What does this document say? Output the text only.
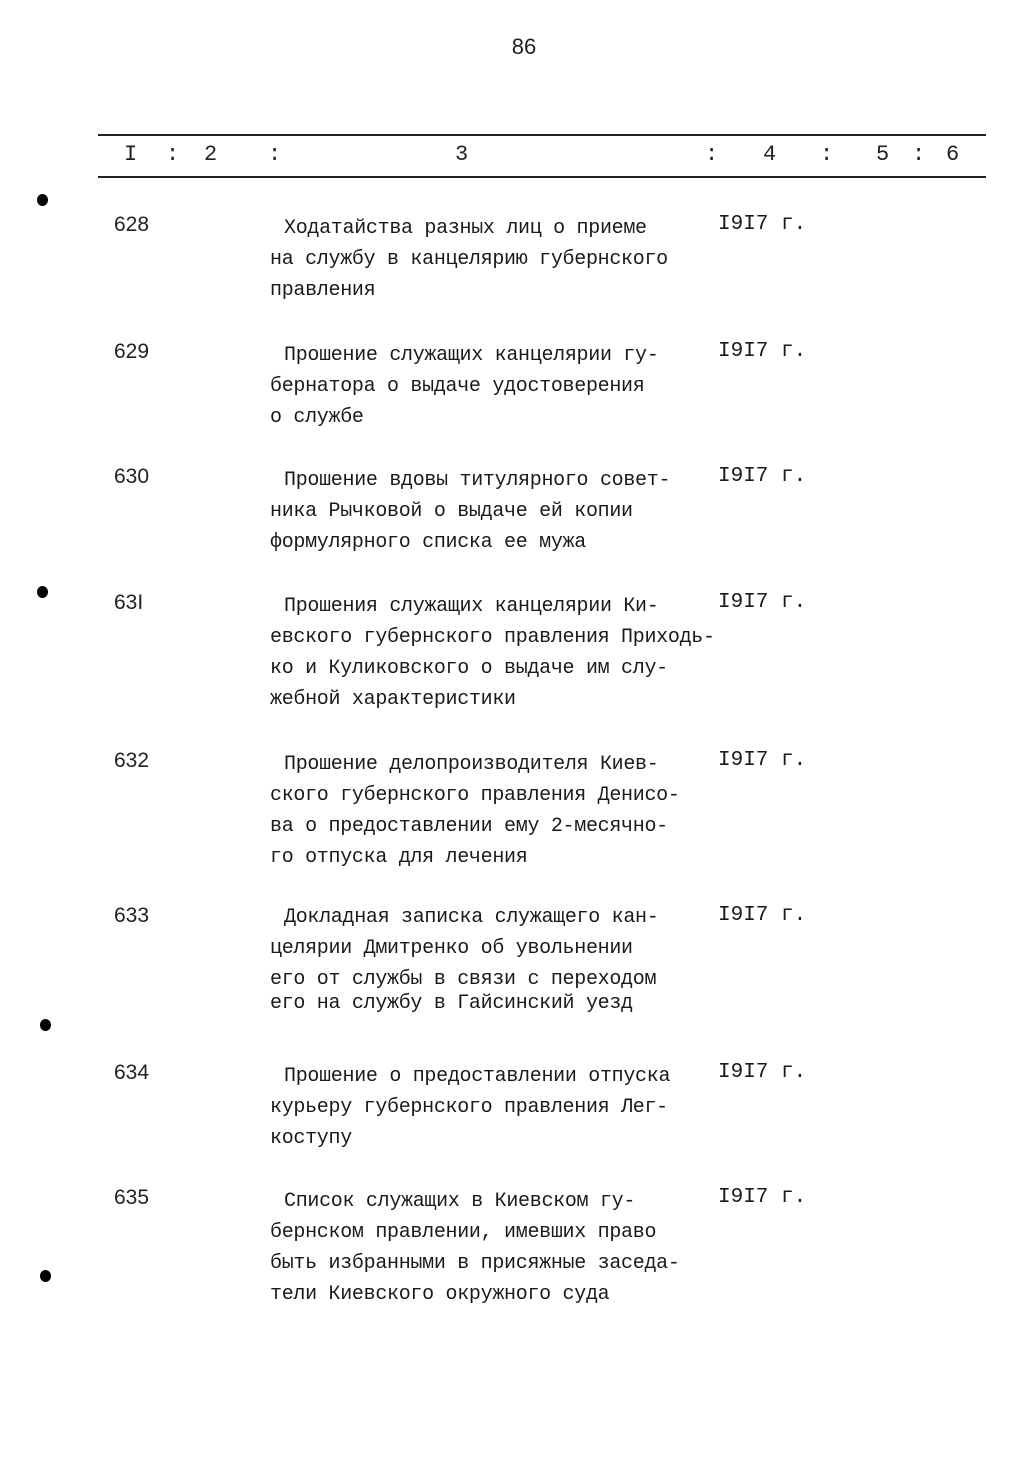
86
I : 2 :	3	: 4 : 5 : 6
628	Ходатайства разных лиц о приеме
на службу в канцелярию губернского
правления
I9I7 г.
629	Прошение служащих канцелярии гу-
бернатора о выдаче удостоверения
о службе
I9I7 г.
630	Прошение вдовы титулярного совет-
ника Рычковой о выдаче ей копии
формулярного списка ее мужа
I9I7 г.
63I	Прошения служащих канцелярии Ки-
евского губернского правления Приходь-
ко и Куликовского о выдаче им слу-
жебной характеристики
I9I7 г.
632	Прошение делопроизводителя Киев-
ского губернского правления Денисо-
ва о предоставлении ему 2-месячно-
го отпуска для лечения
I9I7 г.
633	Докладная записка служащего кан-
целярии Дмитренко об увольнении
его от службы в связи с переходом
его на службу в Гайсинский уезд
I9I7 г.
634	Прошение о предоставлении отпуска
курьеру губернского правления Лег-
костyпу
I9I7 г.
635	Список служащих в Киевском гу-
бернском правлении, имевших право
быть избранными в присяжные заседа-
тели Киевского окружного суда
I9I7 г.
